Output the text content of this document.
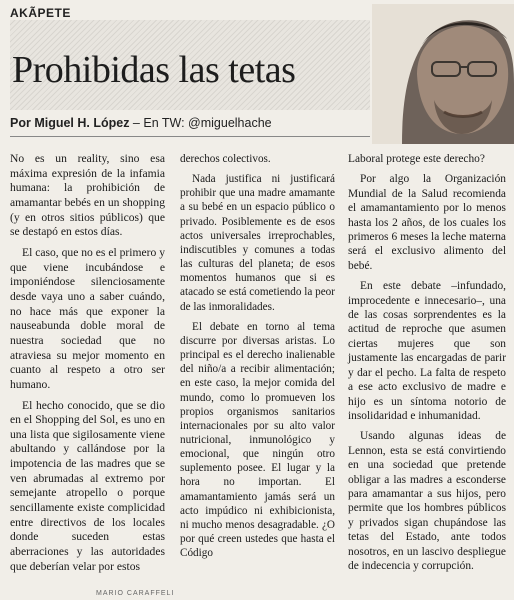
AKÃPETE
Prohibidas las tetas
Por Miguel H. López – En TW: @miguelhache

No es un reality, sino esa máxima expresión de la infamia humana: la prohibición de amamantar bebés en un shopping (y en otros sitios públicos) que se destapó en estos días.

El caso, que no es el primero y que viene incubándose e imponiéndose silenciosamente desde vaya uno a saber cuándo, no hace más que exponer la nauseabunda doble moral de nuestra sociedad que no atraviesa su mejor momento en cuanto al respeto a otro ser humano.

El hecho conocido, que se dio en el Shopping del Sol, es uno en una lista que sigilosamente viene abultando y callándose por la impotencia de las madres que se ven abrumadas al extremo por semejante atropello o porque sencillamente existe complicidad entre directivos de los locales donde suceden estas aberraciones y las autoridades que deberían velar por estos

derechos colectivos.

Nada justifica ni justificará prohibir que una madre amamante a su bebé en un espacio público o privado. Posiblemente es de esos actos universales irreprochables, indiscutibles y comunes a todas las culturas del planeta; de esos momentos humanos que si es atacado se está cometiendo la peor de las inmoralidades.

El debate en torno al tema discurre por diversas aristas. Lo principal es el derecho inalienable del niño/a a recibir alimentación; en este caso, la mejor comida del mundo, como lo promueven los propios organismos sanitarios internacionales por su alto valor nutricional, inmunológico y emocional, que ningún otro suplemento posee. El lugar y la hora no importan. El amamantamiento jamás será un acto impúdico ni exhibicionista, ni mucho menos desagradable. ¿O por qué creen ustedes que hasta el Código

Laboral protege este derecho?

Por algo la Organización Mundial de la Salud recomienda el amamantamiento por lo menos hasta los 2 años, de los cuales los primeros 6 meses la leche materna será el exclusivo alimento del bebé.

En este debate –infundado, improcedente e innecesario–, una de las cosas sorprendentes es la actitud de reproche que asumen ciertas mujeres que son justamente las encargadas de parir y dar el pecho. La falta de respeto a ese acto exclusivo de madre e hijo es un síntoma notorio de insolidaridad e inhumanidad.

Usando algunas ideas de Lennon, esta se está convirtiendo en una sociedad que pretende obligar a las madres a esconderse para amamantar a sus hijos, pero permite que los hombres públicos y privados sigan chupándose las tetas del Estado, ante todos nosotros, en un lascivo despliegue de indecencia y corrupción.

MARIO CARAFFELI
